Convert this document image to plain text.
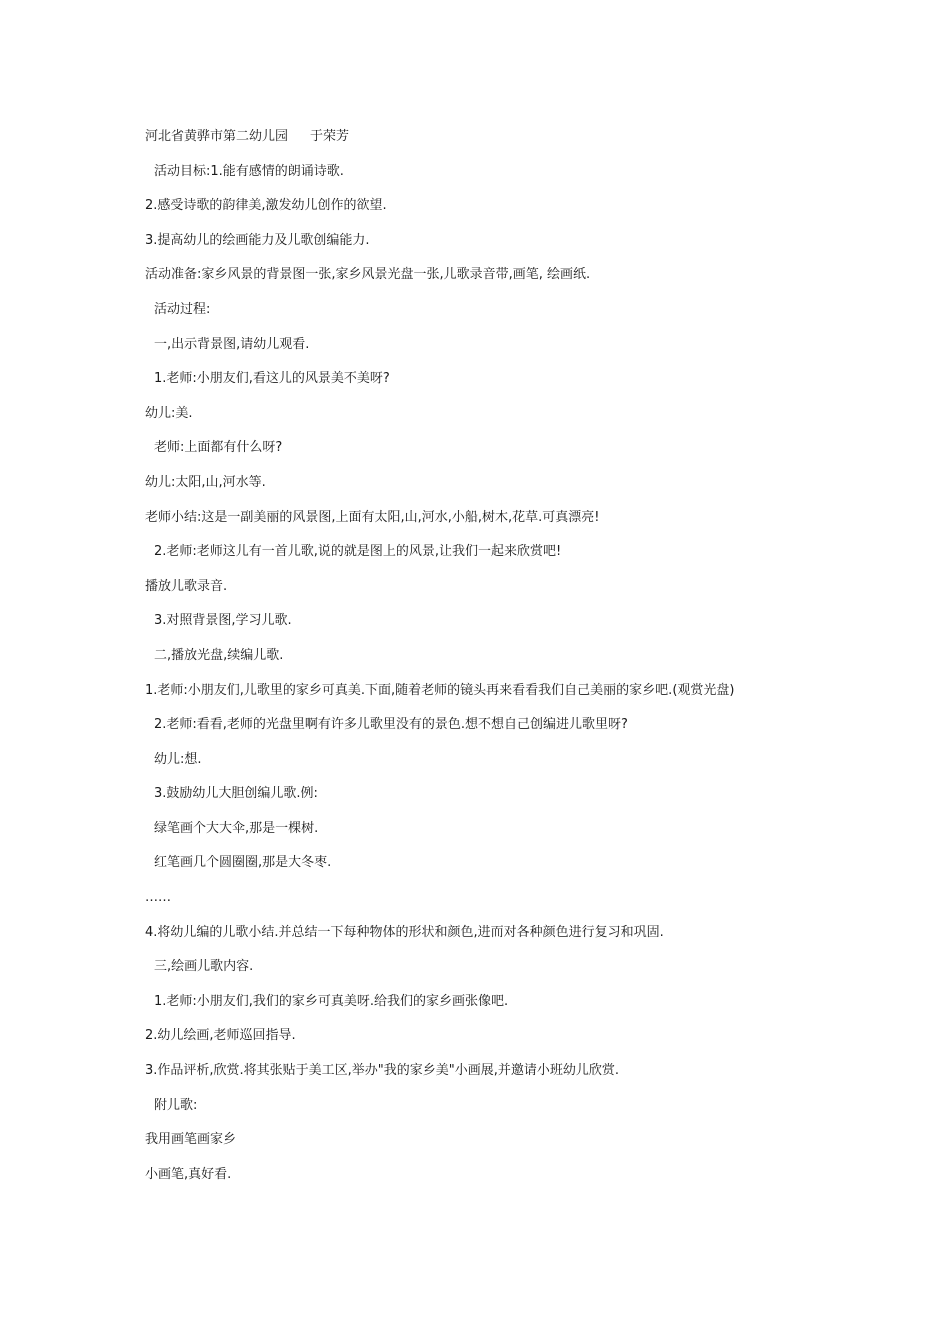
河北省黄骅市第二幼儿园 于荣芳
活动目标:1.能有感情的朗诵诗歌.
2.感受诗歌的韵律美,激发幼儿创作的欲望.
3.提高幼儿的绘画能力及儿歌创编能力.
活动准备:家乡风景的背景图一张,家乡风景光盘一张,儿歌录音带,画笔, 绘画纸.
活动过程:
一,出示背景图,请幼儿观看.
1.老师:小朋友们,看这儿的风景美不美呀?
幼儿:美.
老师:上面都有什么呀?
幼儿:太阳,山,河水等.
老师小结:这是一副美丽的风景图,上面有太阳,山,河水,小船,树木,花草.可真漂亮!
2.老师:老师这儿有一首儿歌,说的就是图上的风景,让我们一起来欣赏吧!
播放儿歌录音.
3.对照背景图,学习儿歌.
二,播放光盘,续编儿歌.
1.老师:小朋友们,儿歌里的家乡可真美.下面,随着老师的镜头再来看看我们自己美丽的家乡吧.(观赏光盘)
2.老师:看看,老师的光盘里啊有许多儿歌里没有的景色.想不想自己创编进儿歌里呀?
幼儿:想.
3.鼓励幼儿大胆创编儿歌.例:
绿笔画个大大伞,那是一棵树.
红笔画几个圆圈圈,那是大冬枣.
……
4.将幼儿编的儿歌小结.并总结一下每种物体的形状和颜色,进而对各种颜色进行复习和巩固.
三,绘画儿歌内容.
1.老师:小朋友们,我们的家乡可真美呀.给我们的家乡画张像吧.
2.幼儿绘画,老师巡回指导.
3.作品评析,欣赏.将其张贴于美工区,举办"我的家乡美"小画展,并邀请小班幼儿欣赏.
附儿歌:
我用画笔画家乡
小画笔,真好看.
